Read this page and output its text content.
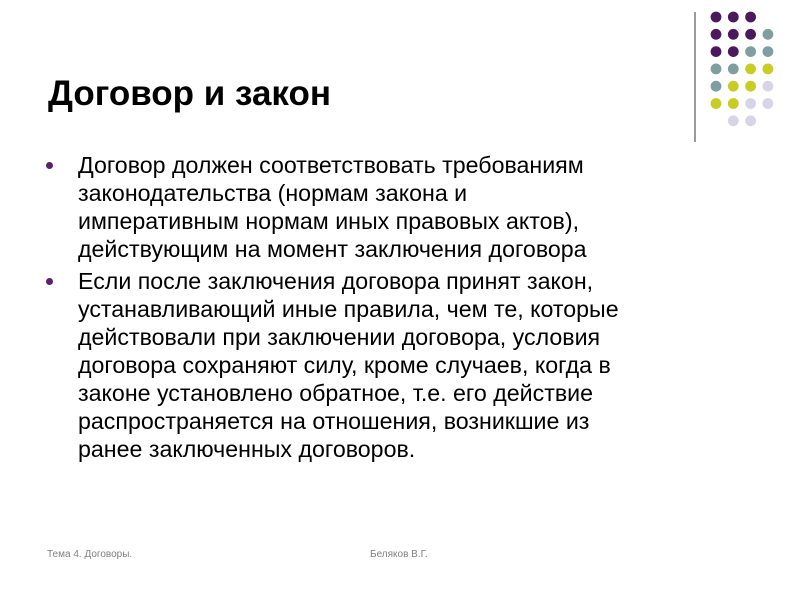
Договор и закон
Договор должен соответствовать требованиям
законодательства (нормам закона и
императивным нормам иных правовых актов),
действующим на момент заключения договора
Если после заключения договора принят закон,
устанавливающий иные правила, чем те, которые
действовали при заключении договора, условия
договора сохраняют силу, кроме случаев, когда в
законе установлено обратное, т.е. его действие
распространяется на отношения, возникшие из
ранее заключенных договоров.
Тема 4. Договоры.	Беляков В.Г.
